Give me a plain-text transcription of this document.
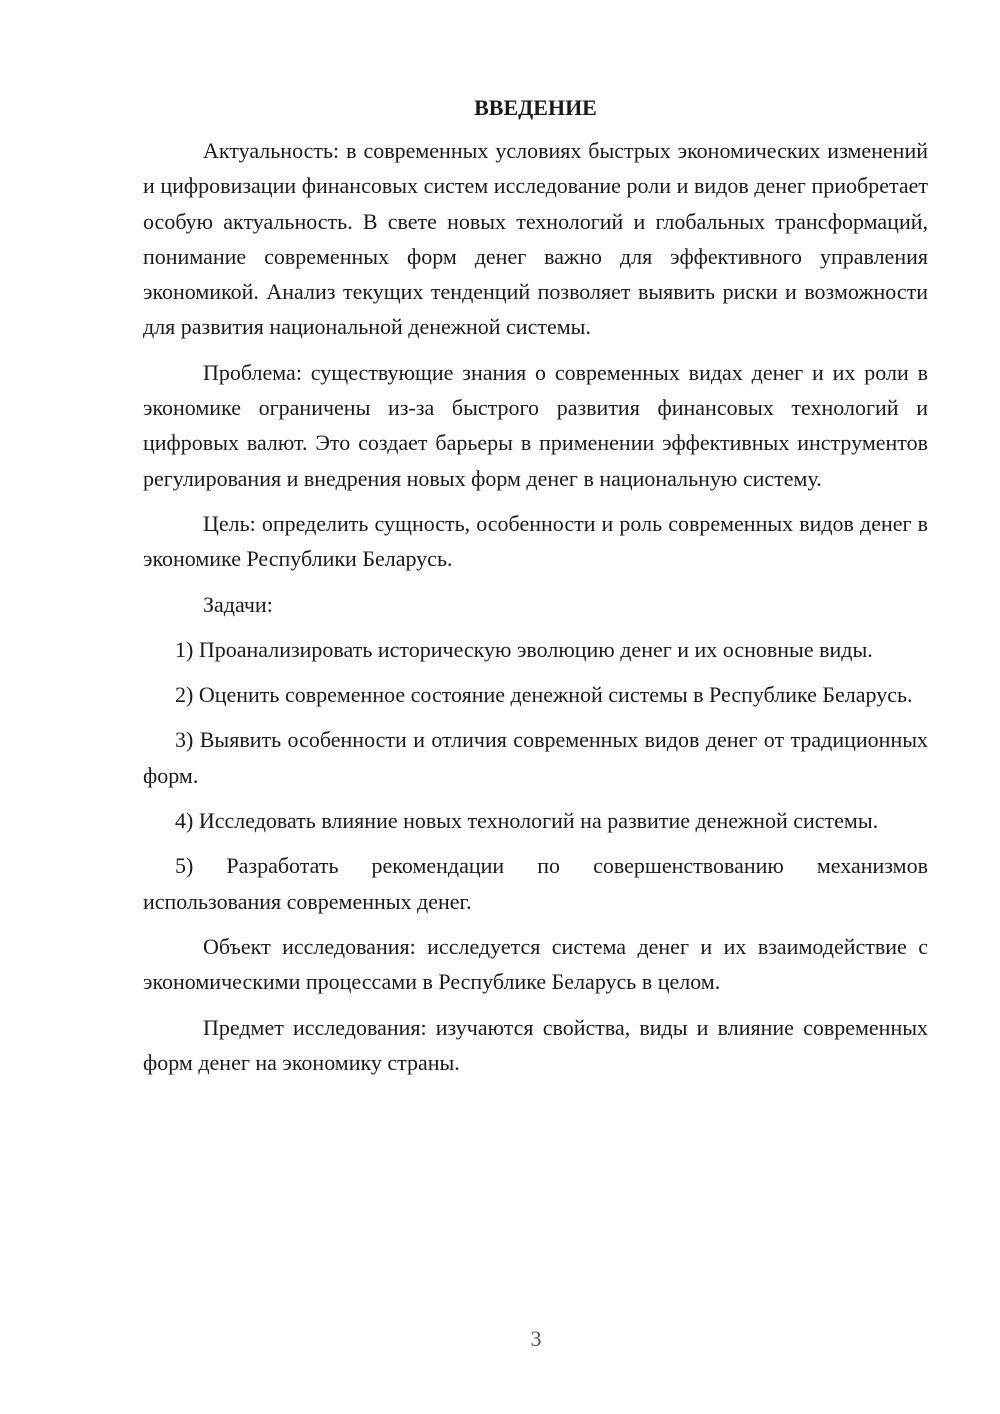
ВВЕДЕНИЕ

Актуальность: в современных условиях быстрых экономических изменений и цифровизации финансовых систем исследование роли и видов денег приобретает особую актуальность. В свете новых технологий и глобальных трансформаций, понимание современных форм денег важно для эффективного управления экономикой. Анализ текущих тенденций позволяет выявить риски и возможности для развития национальной денежной системы.

Проблема: существующие знания о современных видах денег и их роли в экономике ограничены из-за быстрого развития финансовых технологий и цифровых валют. Это создает барьеры в применении эффективных инструментов регулирования и внедрения новых форм денег в национальную систему.

Цель: определить сущность, особенности и роль современных видов денег в экономике Республики Беларусь.

Задачи:

1) Проанализировать историческую эволюцию денег и их основные виды.

2) Оценить современное состояние денежной системы в Республике Беларусь.

3) Выявить особенности и отличия современных видов денег от традиционных форм.

4) Исследовать влияние новых технологий на развитие денежной системы.

5) Разработать рекомендации по совершенствованию механизмов использования современных денег.

Объект исследования: исследуется система денег и их взаимодействие с экономическими процессами в Республике Беларусь в целом.

Предмет исследования: изучаются свойства, виды и влияние современных форм денег на экономику страны.

3
